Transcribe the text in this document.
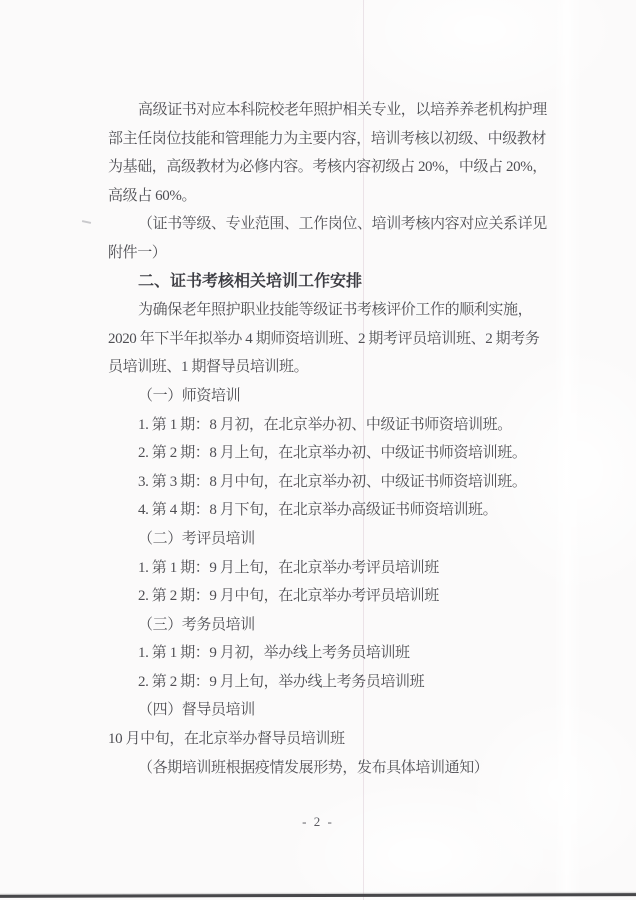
高级证书对应本科院校老年照护相关专业，以培养养老机构护理
部主任岗位技能和管理能力为主要内容，培训考核以初级、中级教材
为基础，高级教材为必修内容。考核内容初级占 20%，中级占 20%，
高级占 60%。
（证书等级、专业范围、工作岗位、培训考核内容对应关系详见
附件一）
二、证书考核相关培训工作安排
为确保老年照护职业技能等级证书考核评价工作的顺利实施，
2020 年下半年拟举办 4 期师资培训班、2 期考评员培训班、2 期考务
员培训班、1 期督导员培训班。
（一）师资培训
1. 第 1 期：8 月初，在北京举办初、中级证书师资培训班。
2. 第 2 期：8 月上旬，在北京举办初、中级证书师资培训班。
3. 第 3 期：8 月中旬，在北京举办初、中级证书师资培训班。
4. 第 4 期：8 月下旬，在北京举办高级证书师资培训班。
（二）考评员培训
1. 第 1 期：9 月上旬，在北京举办考评员培训班
2. 第 2 期：9 月中旬，在北京举办考评员培训班
（三）考务员培训
1. 第 1 期：9 月初，举办线上考务员培训班
2. 第 2 期：9 月上旬，举办线上考务员培训班
（四）督导员培训
10 月中旬，在北京举办督导员培训班
（各期培训班根据疫情发展形势，发布具体培训通知）
- 2 -
